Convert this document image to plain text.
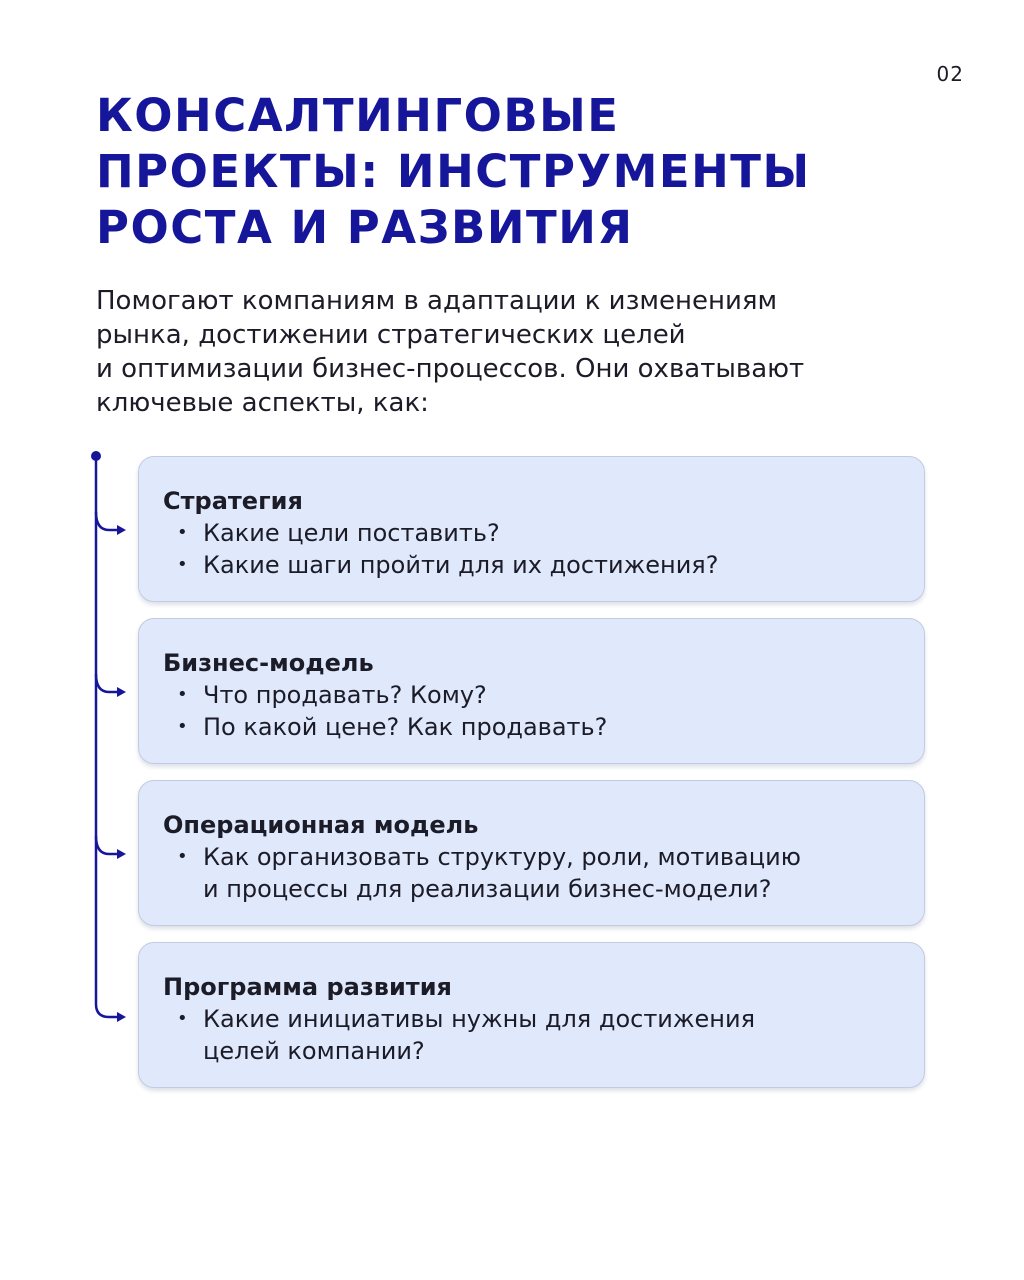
02
КОНСАЛТИНГОВЫЕ
ПРОЕКТЫ: ИНСТРУМЕНТЫ
РОСТА И РАЗВИТИЯ
Помогают компаниям в адаптации к изменениям
рынка, достижении стратегических целей
и оптимизации бизнес-процессов. Они охватывают
ключевые аспекты, как:
Стратегия
• Какие цели поставить?
• Какие шаги пройти для их достижения?
Бизнес-модель
• Что продавать? Кому?
• По какой цене? Как продавать?
Операционная модель
• Как организовать структуру, роли, мотивацию
и процессы для реализации бизнес-модели?
Программа развития
• Какие инициативы нужны для достижения
целей компании?
